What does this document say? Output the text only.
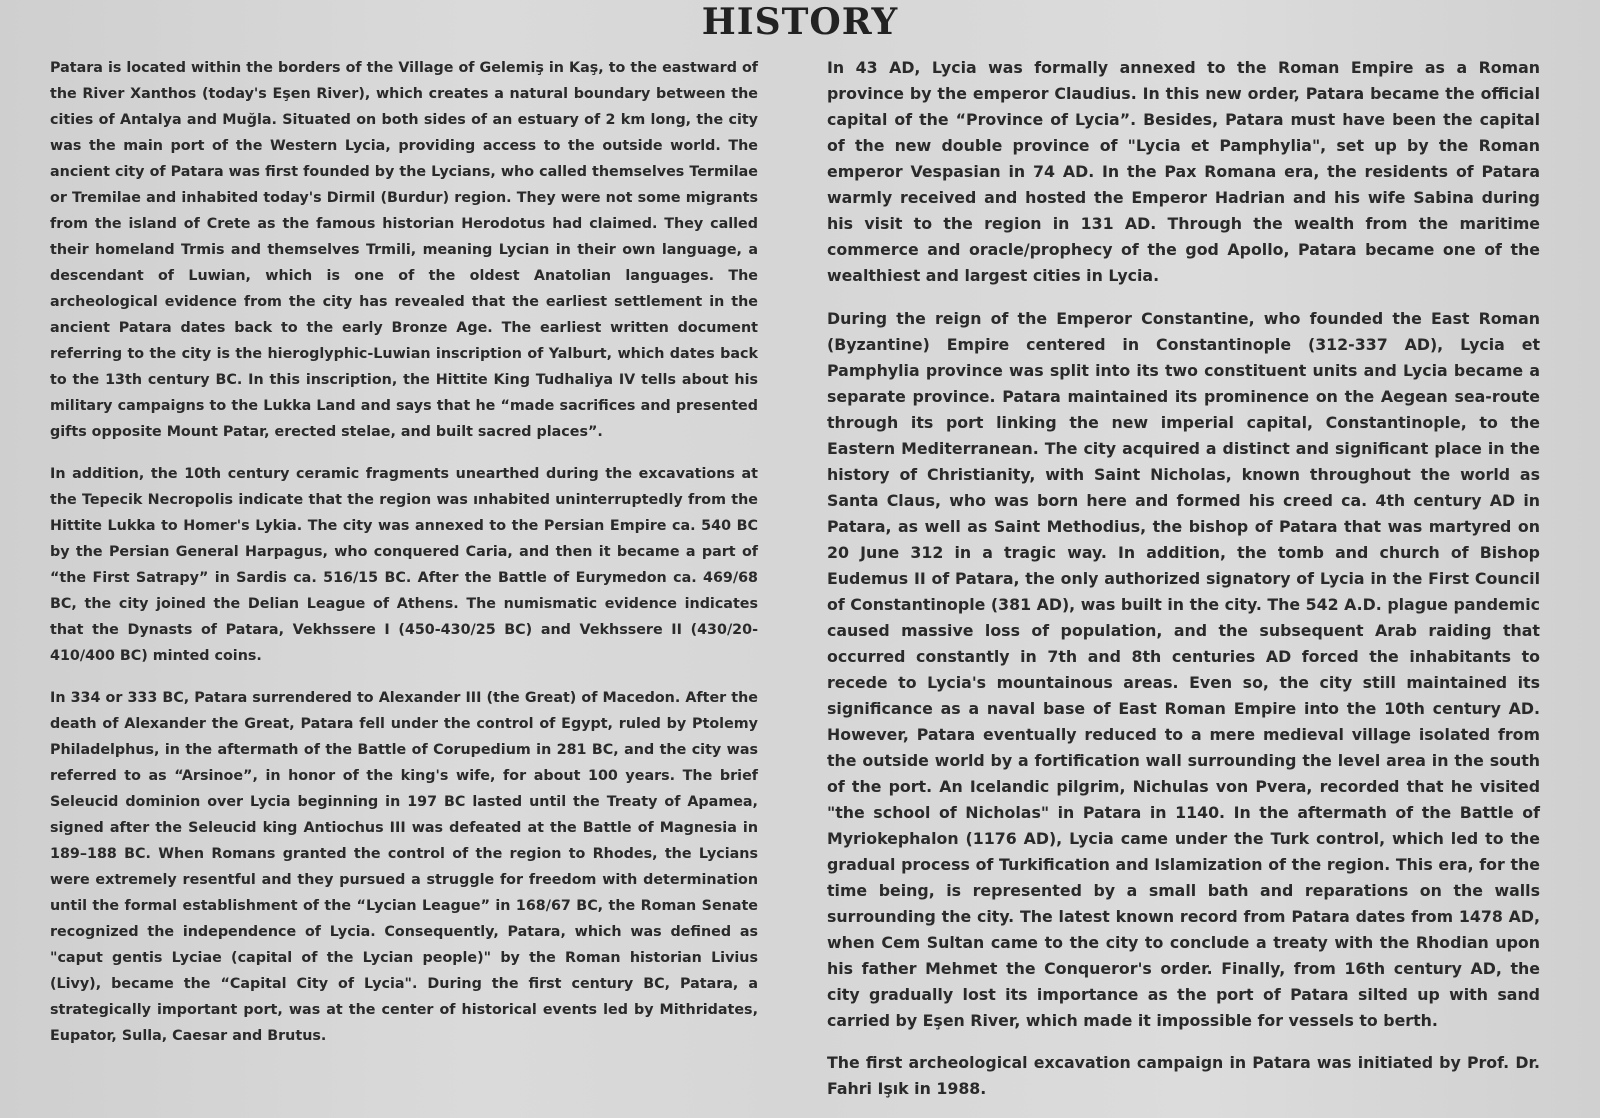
HISTORY

Patara is located within the borders of the Village of Gelemiş in Kaş, to the eastward of the River Xanthos (today's Eşen River), which creates a natural boundary between the cities of Antalya and Muğla. Situated on both sides of an estuary of 2 km long, the city was the main port of the Western Lycia, providing access to the outside world. The ancient city of Patara was first founded by the Lycians, who called themselves Termilae or Tremilae and inhabited today's Dirmil (Burdur) region. They were not some migrants from the island of Crete as the famous historian Herodotus had claimed. They called their homeland Trmis and themselves Trmili, meaning Lycian in their own language, a descendant of Luwian, which is one of the oldest Anatolian languages. The archeological evidence from the city has revealed that the earliest settlement in the ancient Patara dates back to the early Bronze Age. The earliest written document referring to the city is the hieroglyphic-Luwian inscription of Yalburt, which dates back to the 13th century BC. In this inscription, the Hittite King Tudhaliya IV tells about his military campaigns to the Lukka Land and says that he “made sacrifices and presented gifts opposite Mount Patar, erected stelae, and built sacred places”.

In addition, the 10th century ceramic fragments unearthed during the excavations at the Tepecik Necropolis indicate that the region was ınhabited uninterruptedly from the Hittite Lukka to Homer's Lykia. The city was annexed to the Persian Empire ca. 540 BC by the Persian General Harpagus, who conquered Caria, and then it became a part of “the First Satrapy” in Sardis ca. 516/15 BC. After the Battle of Eurymedon ca. 469/68 BC, the city joined the Delian League of Athens. The numismatic evidence indicates that the Dynasts of Patara, Vekhssere I (450-430/25 BC) and Vekhssere II (430/20-410/400 BC) minted coins.

In 334 or 333 BC, Patara surrendered to Alexander III (the Great) of Macedon. After the death of Alexander the Great, Patara fell under the control of Egypt, ruled by Ptolemy Philadelphus, in the aftermath of the Battle of Corupedium in 281 BC, and the city was referred to as “Arsinoe”, in honor of the king's wife, for about 100 years. The brief Seleucid dominion over Lycia beginning in 197 BC lasted until the Treaty of Apamea, signed after the Seleucid king Antiochus III was defeated at the Battle of Magnesia in 189–188 BC. When Romans granted the control of the region to Rhodes, the Lycians were extremely resentful and they pursued a struggle for freedom with determination until the formal establishment of the “Lycian League” in 168/67 BC, the Roman Senate recognized the independence of Lycia. Consequently, Patara, which was defined as "caput gentis Lyciae (capital of the Lycian people)" by the Roman historian Livius (Livy), became the “Capital City of Lycia". During the first century BC, Patara, a strategically important port, was at the center of historical events led by Mithridates, Eupator, Sulla, Caesar and Brutus.

In 43 AD, Lycia was formally annexed to the Roman Empire as a Roman province by the emperor Claudius. In this new order, Patara became the official capital of the “Province of Lycia”. Besides, Patara must have been the capital of the new double province of "Lycia et Pamphylia", set up by the Roman emperor Vespasian in 74 AD. In the Pax Romana era, the residents of Patara warmly received and hosted the Emperor Hadrian and his wife Sabina during his visit to the region in 131 AD. Through the wealth from the maritime commerce and oracle/prophecy of the god Apollo, Patara became one of the wealthiest and largest cities in Lycia.

During the reign of the Emperor Constantine, who founded the East Roman (Byzantine) Empire centered in Constantinople (312-337 AD), Lycia et Pamphylia province was split into its two constituent units and Lycia became a separate province. Patara maintained its prominence on the Aegean sea-route through its port linking the new imperial capital, Constantinople, to the Eastern Mediterranean. The city acquired a distinct and significant place in the history of Christianity, with Saint Nicholas, known throughout the world as Santa Claus, who was born here and formed his creed ca. 4th century AD in Patara, as well as Saint Methodius, the bishop of Patara that was martyred on 20 June 312 in a tragic way. In addition, the tomb and church of Bishop Eudemus II of Patara, the only authorized signatory of Lycia in the First Council of Constantinople (381 AD), was built in the city. The 542 A.D. plague pandemic caused massive loss of population, and the subsequent Arab raiding that occurred constantly in 7th and 8th centuries AD forced the inhabitants to recede to Lycia's mountainous areas. Even so, the city still maintained its significance as a naval base of East Roman Empire into the 10th century AD. However, Patara eventually reduced to a mere medieval village isolated from the outside world by a fortification wall surrounding the level area in the south of the port. An Icelandic pilgrim, Nichulas von Pvera, recorded that he visited "the school of Nicholas" in Patara in 1140. In the aftermath of the Battle of Myriokephalon (1176 AD), Lycia came under the Turk control, which led to the gradual process of Turkification and Islamization of the region. This era, for the time being, is represented by a small bath and reparations on the walls surrounding the city. The latest known record from Patara dates from 1478 AD, when Cem Sultan came to the city to conclude a treaty with the Rhodian upon his father Mehmet the Conqueror's order. Finally, from 16th century AD, the city gradually lost its importance as the port of Patara silted up with sand carried by Eşen River, which made it impossible for vessels to berth.

The first archeological excavation campaign in Patara was initiated by Prof. Dr. Fahri Işık in 1988.
